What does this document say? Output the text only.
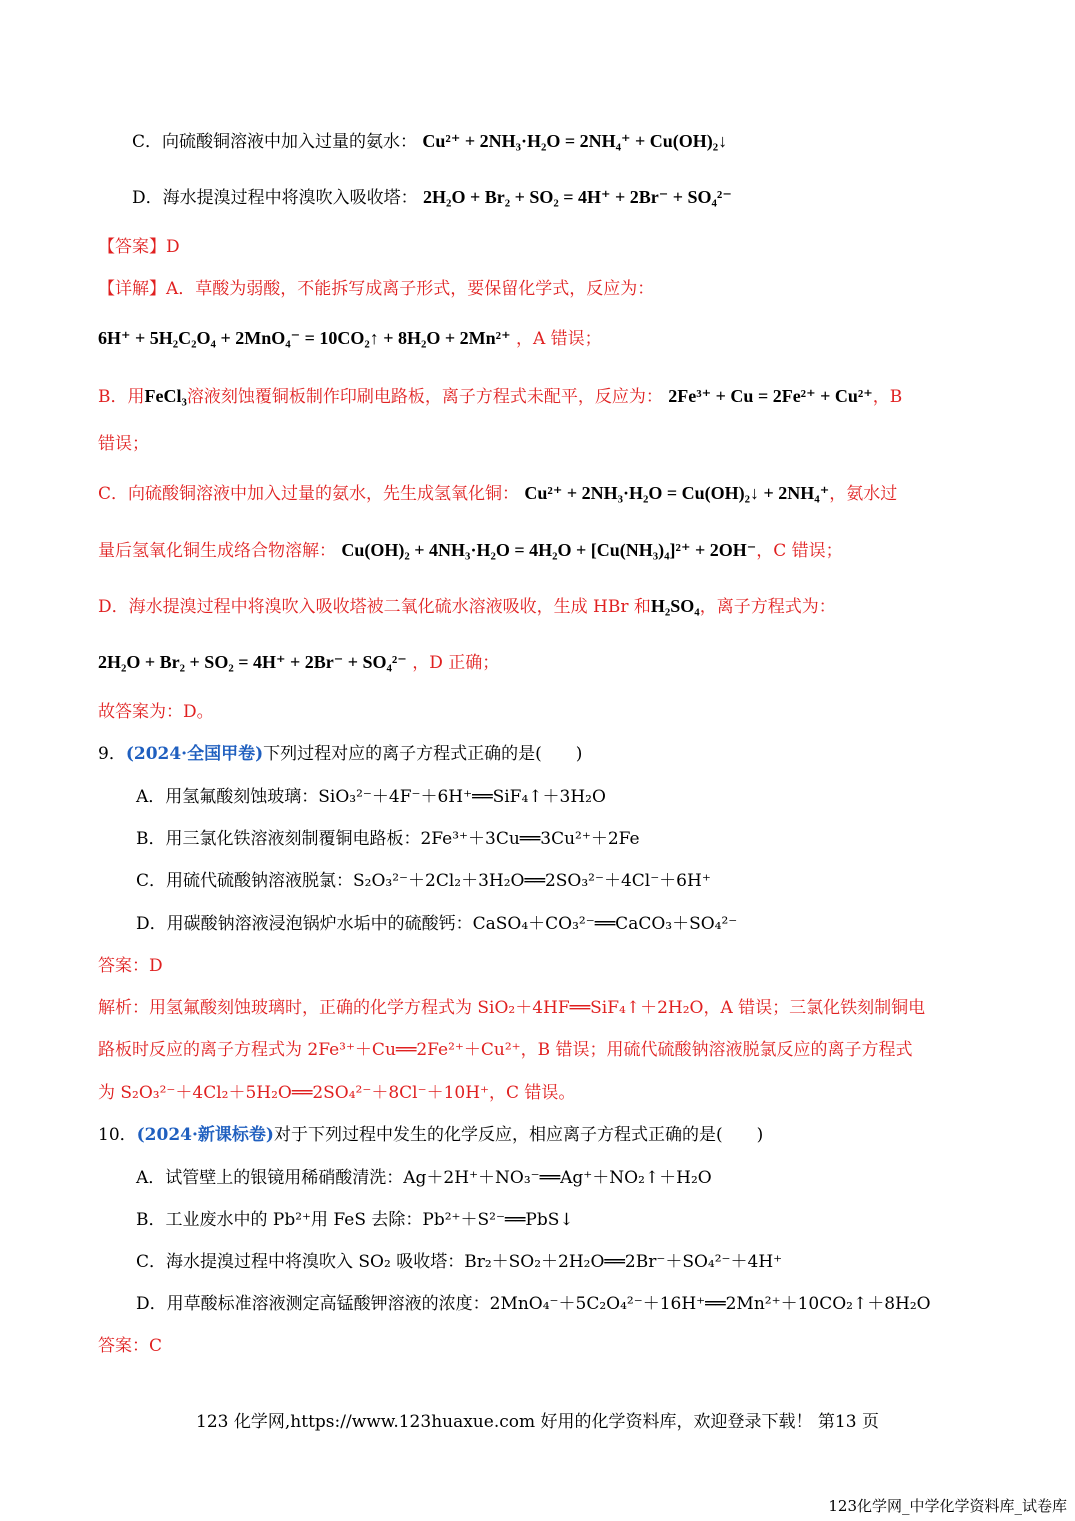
C．向硫酸铜溶液中加入过量的氨水： Cu²⁺ + 2NH₃·H₂O = 2NH₄⁺ + Cu(OH)₂↓
D．海水提溴过程中将溴吹入吸收塔： 2H₂O + Br₂ + SO₂ = 4H⁺ + 2Br⁻ + SO₄²⁻
【答案】D
【详解】A．草酸为弱酸，不能拆写成离子形式，要保留化学式，反应为：
6H⁺ + 5H₂C₂O₄ + 2MnO₄⁻ = 10CO₂↑ + 8H₂O + 2Mn²⁺ ，A 错误；
B．用FeCl₃溶液刻蚀覆铜板制作印刷电路板，离子方程式未配平，反应为： 2Fe³⁺ + Cu = 2Fe²⁺ + Cu²⁺，B
错误；
C．向硫酸铜溶液中加入过量的氨水，先生成氢氧化铜： Cu²⁺ + 2NH₃·H₂O = Cu(OH)₂↓ + 2NH₄⁺，氨水过
量后氢氧化铜生成络合物溶解： Cu(OH)₂ + 4NH₃·H₂O = 4H₂O + [Cu(NH₃)₄]²⁺ + 2OH⁻，C 错误；
D．海水提溴过程中将溴吹入吸收塔被二氧化硫水溶液吸收，生成 HBr 和H₂SO₄，离子方程式为：
2H₂O + Br₂ + SO₂ = 4H⁺ + 2Br⁻ + SO₄²⁻ ，D 正确；
故答案为：D。
9．(2024·全国甲卷)下列过程对应的离子方程式正确的是(　　)
A．用氢氟酸刻蚀玻璃：SiO₃²⁻＋4F⁻＋6H⁺══SiF₄↑＋3H₂O
B．用三氯化铁溶液刻制覆铜电路板：2Fe³⁺＋3Cu══3Cu²⁺＋2Fe
C．用硫代硫酸钠溶液脱氯：S₂O₃²⁻＋2Cl₂＋3H₂O══2SO₃²⁻＋4Cl⁻＋6H⁺
D．用碳酸钠溶液浸泡锅炉水垢中的硫酸钙：CaSO₄＋CO₃²⁻══CaCO₃＋SO₄²⁻
答案：D
解析：用氢氟酸刻蚀玻璃时，正确的化学方程式为 SiO₂＋4HF══SiF₄↑＋2H₂O，A 错误；三氯化铁刻制铜电
路板时反应的离子方程式为 2Fe³⁺＋Cu══2Fe²⁺＋Cu²⁺，B 错误；用硫代硫酸钠溶液脱氯反应的离子方程式
为 S₂O₃²⁻＋4Cl₂＋5H₂O══2SO₄²⁻＋8Cl⁻＋10H⁺，C 错误。
10．(2024·新课标卷)对于下列过程中发生的化学反应，相应离子方程式正确的是(　　)
A．试管壁上的银镜用稀硝酸清洗：Ag＋2H⁺＋NO₃⁻══Ag⁺＋NO₂↑＋H₂O
B．工业废水中的 Pb²⁺用 FeS 去除：Pb²⁺＋S²⁻══PbS↓
C．海水提溴过程中将溴吹入 SO₂ 吸收塔：Br₂＋SO₂＋2H₂O══2Br⁻＋SO₄²⁻＋4H⁺
D．用草酸标准溶液测定高锰酸钾溶液的浓度：2MnO₄⁻＋5C₂O₄²⁻＋16H⁺══2Mn²⁺＋10CO₂↑＋8H₂O
答案：C
123 化学网,https://www.123huaxue.com 好用的化学资料库，欢迎登录下载！ 第13 页
123化学网_中学化学资料库_试卷库
